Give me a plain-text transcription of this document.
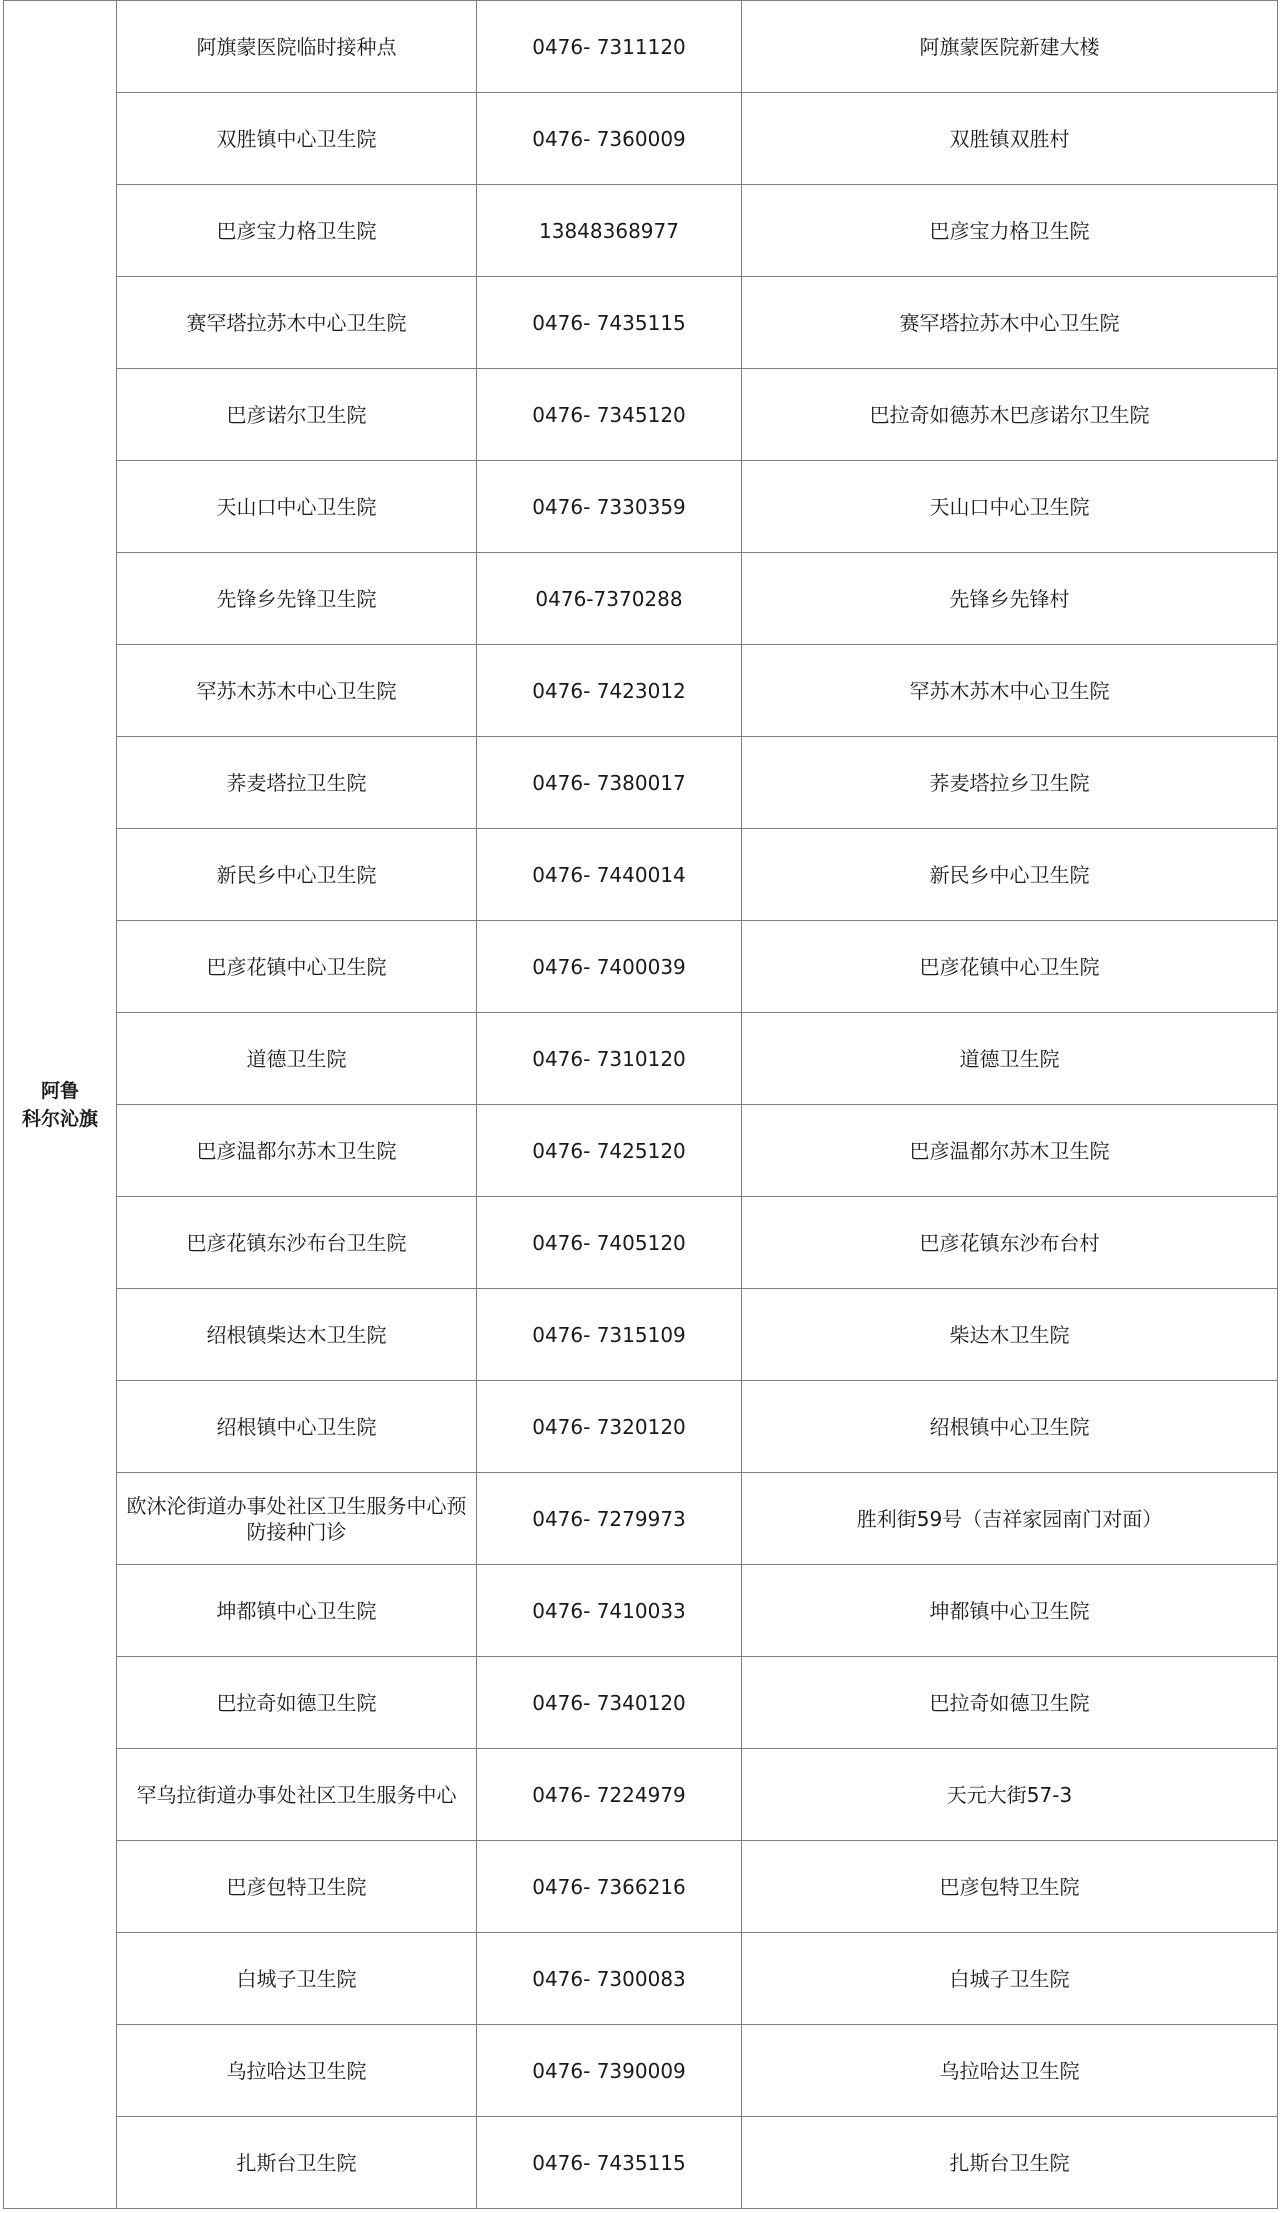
阿鲁
科尔沁旗	阿旗蒙医院临时接种点	0476- 7311120	阿旗蒙医院新建大楼
	双胜镇中心卫生院	0476- 7360009	双胜镇双胜村
	巴彦宝力格卫生院	13848368977	巴彦宝力格卫生院
	赛罕塔拉苏木中心卫生院	0476- 7435115	赛罕塔拉苏木中心卫生院
	巴彦诺尔卫生院	0476- 7345120	巴拉奇如德苏木巴彦诺尔卫生院
	天山口中心卫生院	0476- 7330359	天山口中心卫生院
	先锋乡先锋卫生院	0476-7370288	先锋乡先锋村
	罕苏木苏木中心卫生院	0476- 7423012	罕苏木苏木中心卫生院
	荞麦塔拉卫生院	0476- 7380017	荞麦塔拉乡卫生院
	新民乡中心卫生院	0476- 7440014	新民乡中心卫生院
	巴彦花镇中心卫生院	0476- 7400039	巴彦花镇中心卫生院
	道德卫生院	0476- 7310120	道德卫生院
	巴彦温都尔苏木卫生院	0476- 7425120	巴彦温都尔苏木卫生院
	巴彦花镇东沙布台卫生院	0476- 7405120	巴彦花镇东沙布台村
	绍根镇柴达木卫生院	0476- 7315109	柴达木卫生院
	绍根镇中心卫生院	0476- 7320120	绍根镇中心卫生院
	欧沐沦街道办事处社区卫生服务中心预防接种门诊	0476- 7279973	胜利街59号（吉祥家园南门对面）
	坤都镇中心卫生院	0476- 7410033	坤都镇中心卫生院
	巴拉奇如德卫生院	0476- 7340120	巴拉奇如德卫生院
	罕乌拉街道办事处社区卫生服务中心	0476- 7224979	天元大街57-3
	巴彦包特卫生院	0476- 7366216	巴彦包特卫生院
	白城子卫生院	0476- 7300083	白城子卫生院
	乌拉哈达卫生院	0476- 7390009	乌拉哈达卫生院
	扎斯台卫生院	0476- 7435115	扎斯台卫生院
